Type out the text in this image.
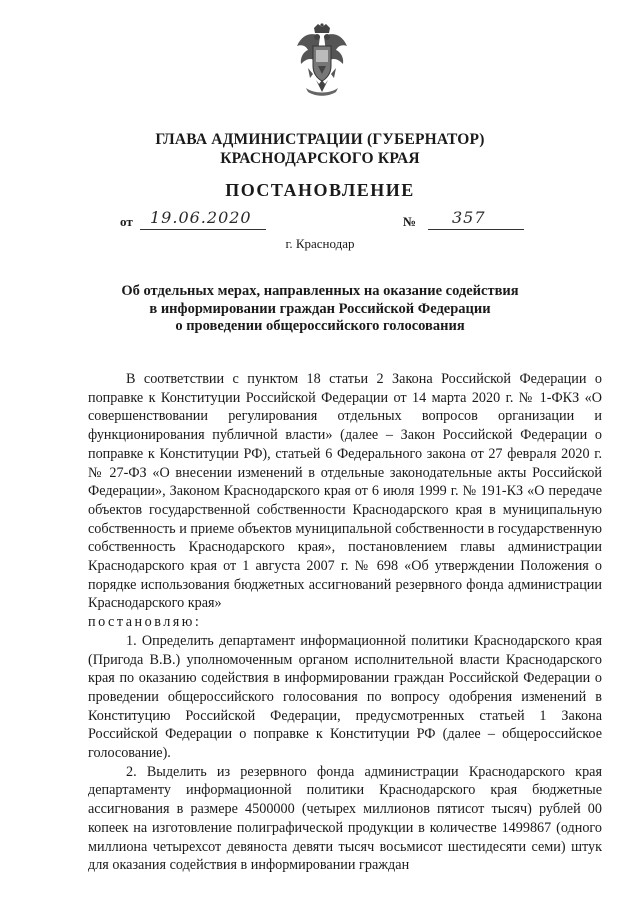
ГЛАВА АДМИНИСТРАЦИИ (ГУБЕРНАТОР)
КРАСНОДАРСКОГО КРАЯ
ПОСТАНОВЛЕНИЕ
от 19.06.2020	№ 357
г. Краснодар
Об отдельных мерах, направленных на оказание содействия
в информировании граждан Российской Федерации
о проведении общероссийского голосования

В соответствии с пунктом 18 статьи 2 Закона Российской Федерации о поправке к Конституции Российской Федерации от 14 марта 2020 г. № 1-ФКЗ «О совершенствовании регулирования отдельных вопросов организации и функционирования публичной власти» (далее – Закон Российской Федерации о поправке к Конституции РФ), статьей 6 Федерального закона от 27 февраля 2020 г. № 27-ФЗ «О внесении изменений в отдельные законодательные акты Российской Федерации», Законом Краснодарского края от 6 июля 1999 г. № 191-КЗ «О передаче объектов государственной собственности Краснодарского края в муниципальную собственность и приеме объектов муниципальной собственности в государственную собственность Краснодарского края», постановлением главы администрации Краснодарского края от 1 августа 2007 г. № 698 «Об утверждении Положения о порядке использования бюджетных ассигнований резервного фонда администрации Краснодарского края»

постановляю:

1. Определить департамент информационной политики Краснодарского края (Пригода В.В.) уполномоченным органом исполнительной власти Краснодарского края по оказанию содействия в информировании граждан Российской Федерации о проведении общероссийского голосования по вопросу одобрения изменений в Конституцию Российской Федерации, предусмотренных статьей 1 Закона Российской Федерации о поправке к Конституции РФ (далее – общероссийское голосование).

2. Выделить из резервного фонда администрации Краснодарского края департаменту информационной политики Краснодарского края бюджетные ассигнования в размере 4500000 (четырех миллионов пятисот тысяч) рублей 00 копеек на изготовление полиграфической продукции в количестве 1499867 (одного миллиона четырехсот девяноста девяти тысяч восьмисот шестидесяти семи) штук для оказания содействия в информировании граждан
